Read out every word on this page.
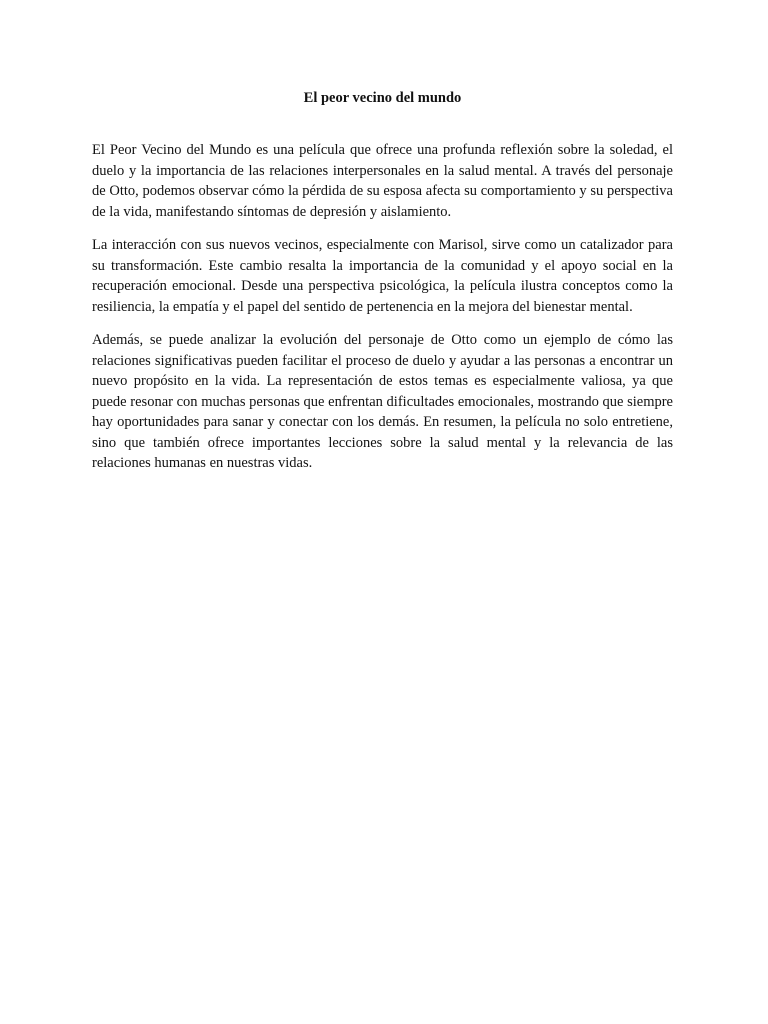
El peor vecino del mundo

El Peor Vecino del Mundo es una película que ofrece una profunda reflexión sobre la soledad, el duelo y la importancia de las relaciones interpersonales en la salud mental. A través del personaje de Otto, podemos observar cómo la pérdida de su esposa afecta su comportamiento y su perspectiva de la vida, manifestando síntomas de depresión y aislamiento.

La interacción con sus nuevos vecinos, especialmente con Marisol, sirve como un catalizador para su transformación. Este cambio resalta la importancia de la comunidad y el apoyo social en la recuperación emocional. Desde una perspectiva psicológica, la película ilustra conceptos como la resiliencia, la empatía y el papel del sentido de pertenencia en la mejora del bienestar mental.

Además, se puede analizar la evolución del personaje de Otto como un ejemplo de cómo las relaciones significativas pueden facilitar el proceso de duelo y ayudar a las personas a encontrar un nuevo propósito en la vida. La representación de estos temas es especialmente valiosa, ya que puede resonar con muchas personas que enfrentan dificultades emocionales, mostrando que siempre hay oportunidades para sanar y conectar con los demás. En resumen, la película no solo entretiene, sino que también ofrece importantes lecciones sobre la salud mental y la relevancia de las relaciones humanas en nuestras vidas.
